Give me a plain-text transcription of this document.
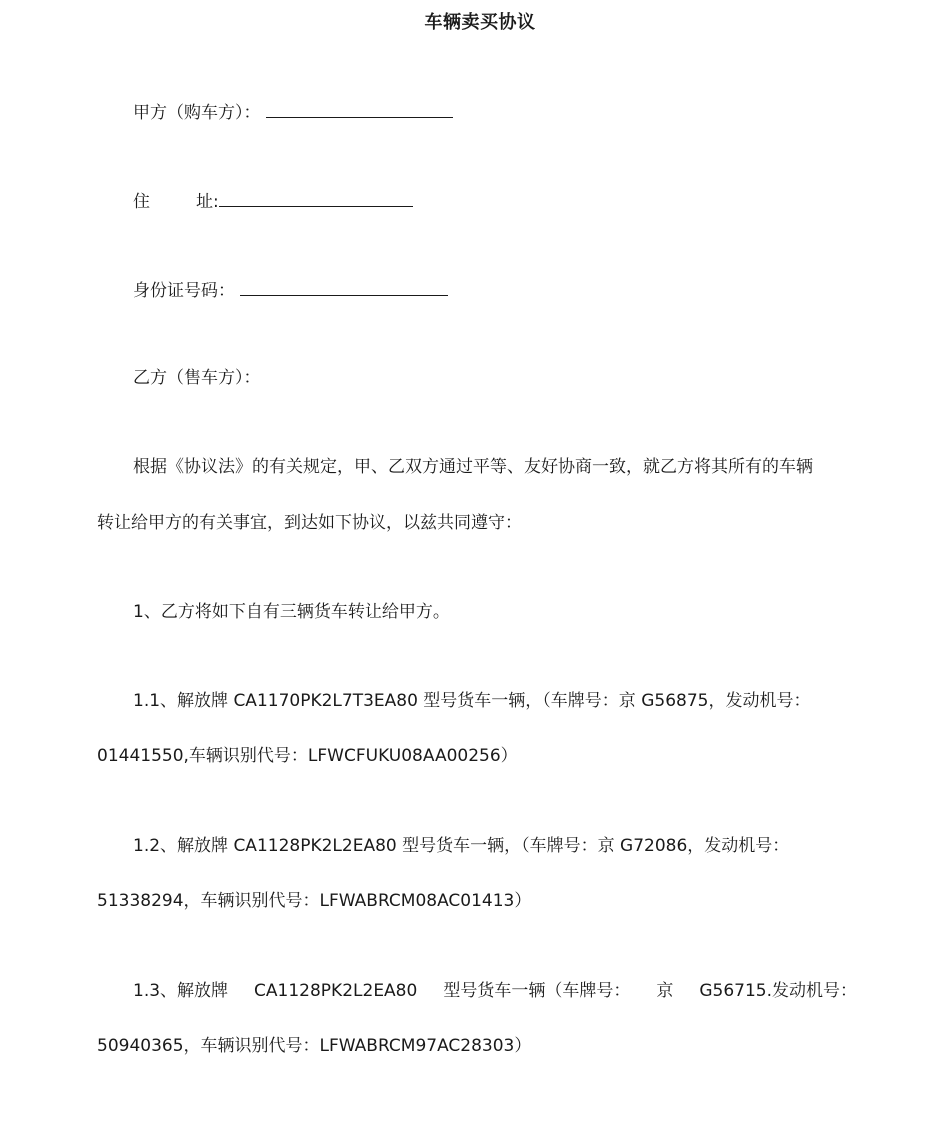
车辆卖买协议
甲方（购车方）：
住	址:
身份证号码：
乙方（售车方）：
根据《协议法》的有关规定，甲、乙双方通过平等、友好协商一致，就乙方将其所有的车辆
转让给甲方的有关事宜，到达如下协议，以兹共同遵守：
1、乙方将如下自有三辆货车转让给甲方。
1.1、解放牌 CA1170PK2L7T3EA80 型号货车一辆，（车牌号：京 G56875，发动机号：
01441550,车辆识别代号：LFWCFUKU08AA00256）
1.2、解放牌 CA1128PK2L2EA80 型号货车一辆，（车牌号：京 G72086，发动机号：
51338294，车辆识别代号：LFWABRCM08AC01413）
1.3、解放牌 CA1128PK2L2EA80 型号货车一辆（车牌号： 京 G56715.发动机号：
50940365，车辆识别代号：LFWABRCM97AC28303）
